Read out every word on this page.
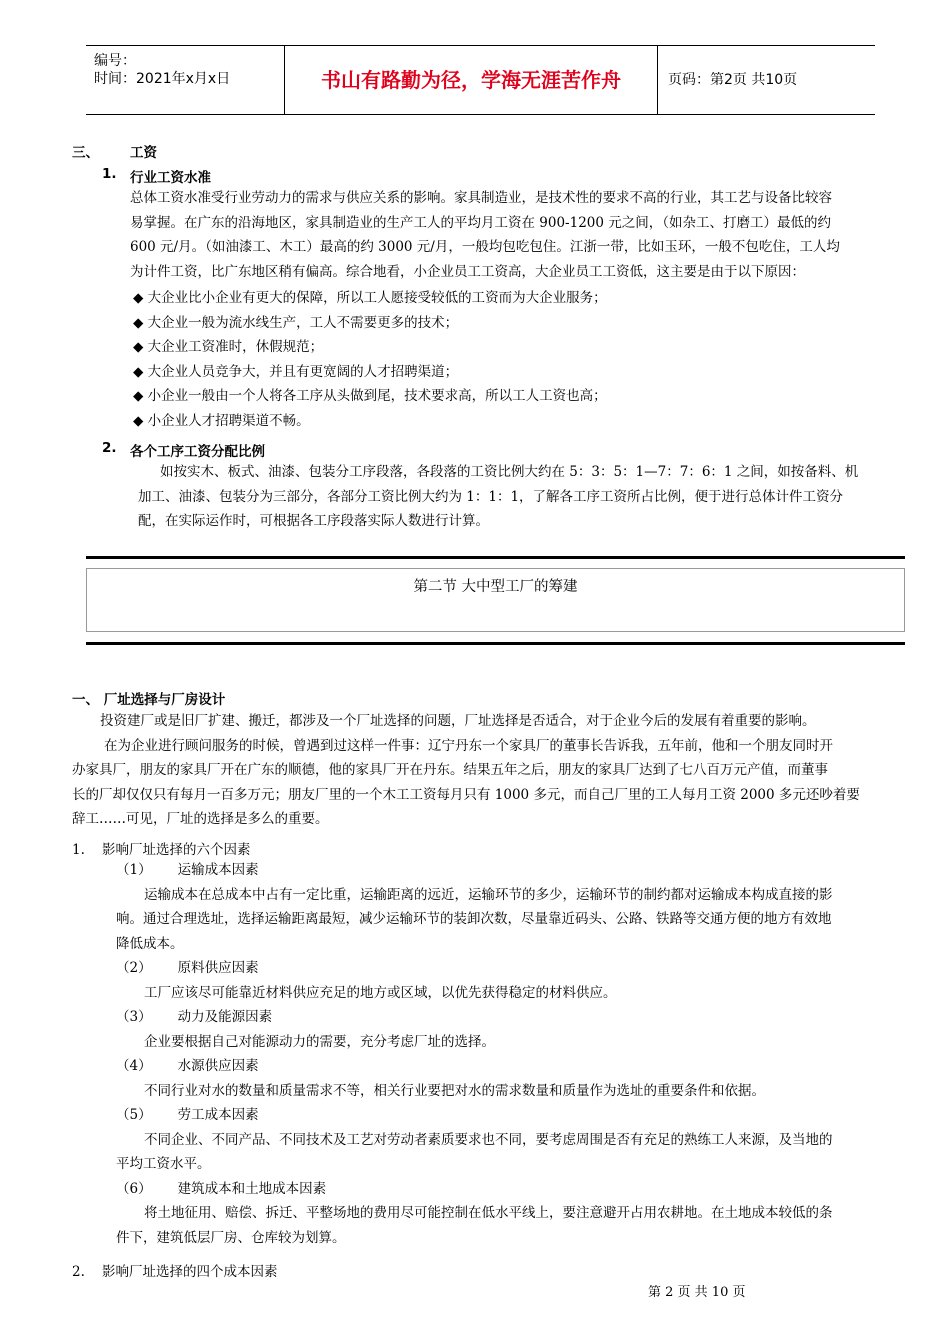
编号：
时间：2021年x月x日	书山有路勤为径，学海无涯苦作舟	页码：第2页 共10页
三、 工资
1. 行业工资水准
总体工资水准受行业劳动力的需求与供应关系的影响。家具制造业，是技术性的要求不高的行业，其工艺与设备比较容
易掌握。在广东的沿海地区，家具制造业的生产工人的平均月工资在 900-1200 元之间，（如杂工、打磨工）最低的约
600 元/月。（如油漆工、木工）最高的约 3000 元/月，一般均包吃包住。江浙一带，比如玉环，一般不包吃住，工人均
为计件工资，比广东地区稍有偏高。综合地看，小企业员工工资高，大企业员工工资低，这主要是由于以下原因：
◆ 大企业比小企业有更大的保障，所以工人愿接受较低的工资而为大企业服务；
◆ 大企业一般为流水线生产，工人不需要更多的技术；
◆ 大企业工资准时，休假规范；
◆ 大企业人员竞争大，并且有更宽阔的人才招聘渠道；
◆ 小企业一般由一个人将各工序从头做到尾，技术要求高，所以工人工资也高；
◆ 小企业人才招聘渠道不畅。
2. 各个工序工资分配比例
如按实木、板式、油漆、包装分工序段落，各段落的工资比例大约在 5：3：5：1—7：7：6：1 之间，如按备料、机
加工、油漆、包装分为三部分，各部分工资比例大约为 1：1：1，了解各工序工资所占比例，便于进行总体计件工资分
配，在实际运作时，可根据各工序段落实际人数进行计算。
第二节 大中型工厂的筹建
一、 厂址选择与厂房设计
投资建厂或是旧厂扩建、搬迁，都涉及一个厂址选择的问题，厂址选择是否适合，对于企业今后的发展有着重要的影响。
在为企业进行顾问服务的时候，曾遇到过这样一件事：辽宁丹东一个家具厂的董事长告诉我，五年前，他和一个朋友同时开
办家具厂，朋友的家具厂开在广东的顺德，他的家具厂开在丹东。结果五年之后，朋友的家具厂达到了七八百万元产值，而董事
长的厂却仅仅只有每月一百多万元；朋友厂里的一个木工工资每月只有 1000 多元，而自己厂里的工人每月工资 2000 多元还吵着要
辞工……可见，厂址的选择是多么的重要。
1.    影响厂址选择的六个因素
（1） 运输成本因素
运输成本在总成本中占有一定比重，运输距离的远近，运输环节的多少，运输环节的制约都对运输成本构成直接的影
响。通过合理选址，选择运输距离最短，减少运输环节的装卸次数，尽量靠近码头、公路、铁路等交通方便的地方有效地
降低成本。
（2） 原料供应因素
工厂应该尽可能靠近材料供应充足的地方或区域，以优先获得稳定的材料供应。
（3） 动力及能源因素
企业要根据自己对能源动力的需要，充分考虑厂址的选择。
（4） 水源供应因素
不同行业对水的数量和质量需求不等，相关行业要把对水的需求数量和质量作为选址的重要条件和依据。
（5） 劳工成本因素
不同企业、不同产品、不同技术及工艺对劳动者素质要求也不同，要考虑周围是否有充足的熟练工人来源，及当地的
平均工资水平。
（6） 建筑成本和土地成本因素
将土地征用、赔偿、拆迁、平整场地的费用尽可能控制在低水平线上，要注意避开占用农耕地。在土地成本较低的条
件下，建筑低层厂房、仓库较为划算。
2.    影响厂址选择的四个成本因素
第 2 页 共 10 页
